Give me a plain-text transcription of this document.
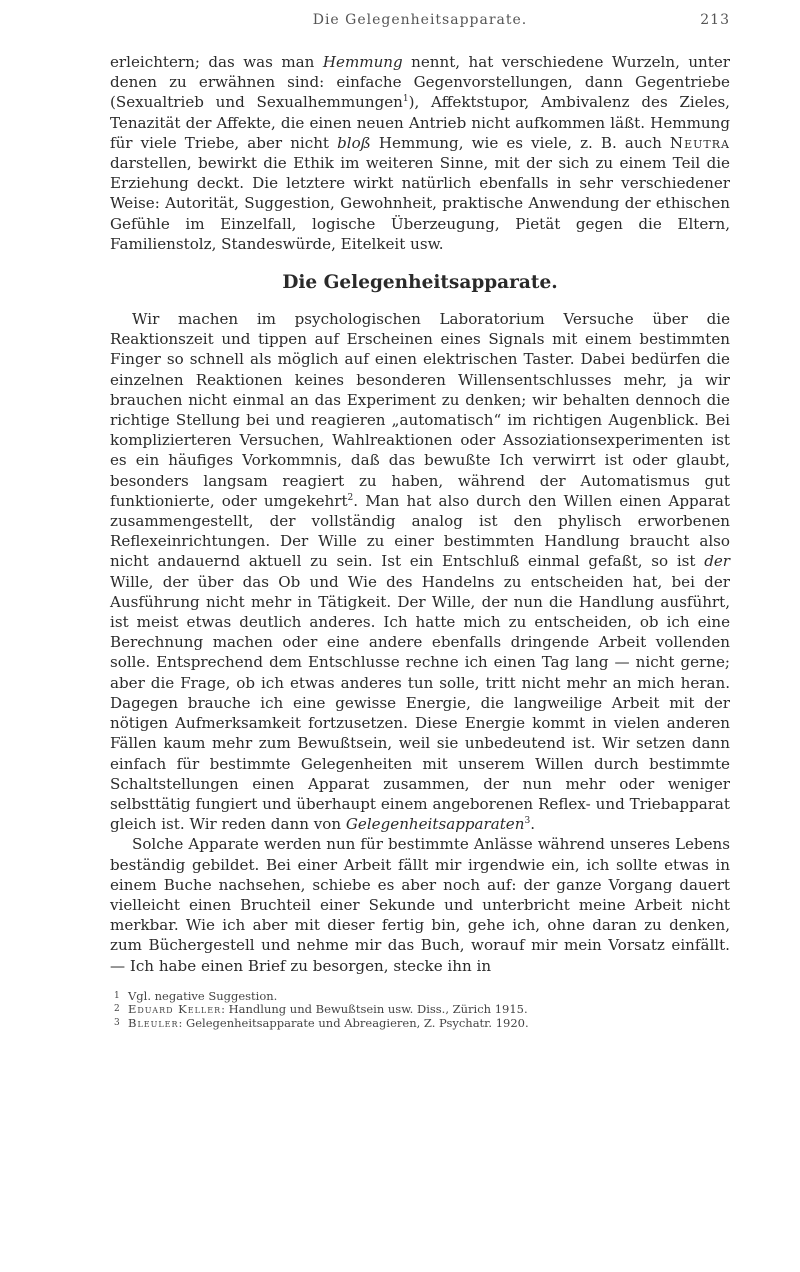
Die Gelegenheitsapparate.	213

erleichtern; das was man Hemmung nennt, hat verschiedene Wurzeln, unter denen zu erwähnen sind: einfache Gegenvorstellungen, dann Gegentriebe (Sexualtrieb und Sexualhemmungen$^1$), Affektstupor, Ambivalenz des Zieles, Tenazität der Affekte, die einen neuen Antrieb nicht aufkommen läßt. Hemmung für viele Triebe, aber nicht bloß Hemmung, wie es viele, z. B. auch Neutra darstellen, bewirkt die Ethik im weiteren Sinne, mit der sich zu einem Teil die Erziehung deckt. Die letztere wirkt natürlich ebenfalls in sehr verschiedener Weise: Autorität, Suggestion, Gewohnheit, praktische Anwendung der ethischen Gefühle im Einzelfall, logische Überzeugung, Pietät gegen die Eltern, Familienstolz, Standeswürde, Eitelkeit usw.

Die Gelegenheitsapparate.

Wir machen im psychologischen Laboratorium Versuche über die Reaktionszeit und tippen auf Erscheinen eines Signals mit einem bestimmten Finger so schnell als möglich auf einen elektrischen Taster. Dabei bedürfen die einzelnen Reaktionen keines besonderen Willensentschlusses mehr, ja wir brauchen nicht einmal an das Experiment zu denken; wir behalten dennoch die richtige Stellung bei und reagieren „automatisch“ im richtigen Augenblick. Bei komplizierteren Versuchen, Wahlreaktionen oder Assoziationsexperimenten ist es ein häufiges Vorkommnis, daß das bewußte Ich verwirrt ist oder glaubt, besonders langsam reagiert zu haben, während der Automatismus gut funktionierte, oder umgekehrt$^2$. Man hat also durch den Willen einen Apparat zusammengestellt, der vollständig analog ist den phylisch erworbenen Reflexeinrichtungen. Der Wille zu einer bestimmten Handlung braucht also nicht andauernd aktuell zu sein. Ist ein Entschluß einmal gefaßt, so ist der Wille, der über das Ob und Wie des Handelns zu entscheiden hat, bei der Ausführung nicht mehr in Tätigkeit. Der Wille, der nun die Handlung ausführt, ist meist etwas deutlich anderes. Ich hatte mich zu entscheiden, ob ich eine Berechnung machen oder eine andere ebenfalls dringende Arbeit vollenden solle. Entsprechend dem Entschlusse rechne ich einen Tag lang — nicht gerne; aber die Frage, ob ich etwas anderes tun solle, tritt nicht mehr an mich heran. Dagegen brauche ich eine gewisse Energie, die langweilige Arbeit mit der nötigen Aufmerksamkeit fortzusetzen. Diese Energie kommt in vielen anderen Fällen kaum mehr zum Bewußtsein, weil sie unbedeutend ist. Wir setzen dann einfach für bestimmte Gelegenheiten mit unserem Willen durch bestimmte Schaltstellungen einen Apparat zusammen, der nun mehr oder weniger selbsttätig fungiert und überhaupt einem angeborenen Reflex- und Triebapparat gleich ist. Wir reden dann von Gelegenheitsapparaten$^3$.

Solche Apparate werden nun für bestimmte Anlässe während unseres Lebens beständig gebildet. Bei einer Arbeit fällt mir irgendwie ein, ich sollte etwas in einem Buche nachsehen, schiebe es aber noch auf: der ganze Vorgang dauert vielleicht einen Bruchteil einer Sekunde und unterbricht meine Arbeit nicht merkbar. Wie ich aber mit dieser fertig bin, gehe ich, ohne daran zu denken, zum Büchergestell und nehme mir das Buch, worauf mir mein Vorsatz einfällt. — Ich habe einen Brief zu besorgen, stecke ihn in

1 Vgl. negative Suggestion.
2 Eduard Keller: Handlung und Bewußtsein usw. Diss., Zürich 1915.
3 Bleuler: Gelegenheitsapparate und Abreagieren, Z. Psychatr. 1920.
